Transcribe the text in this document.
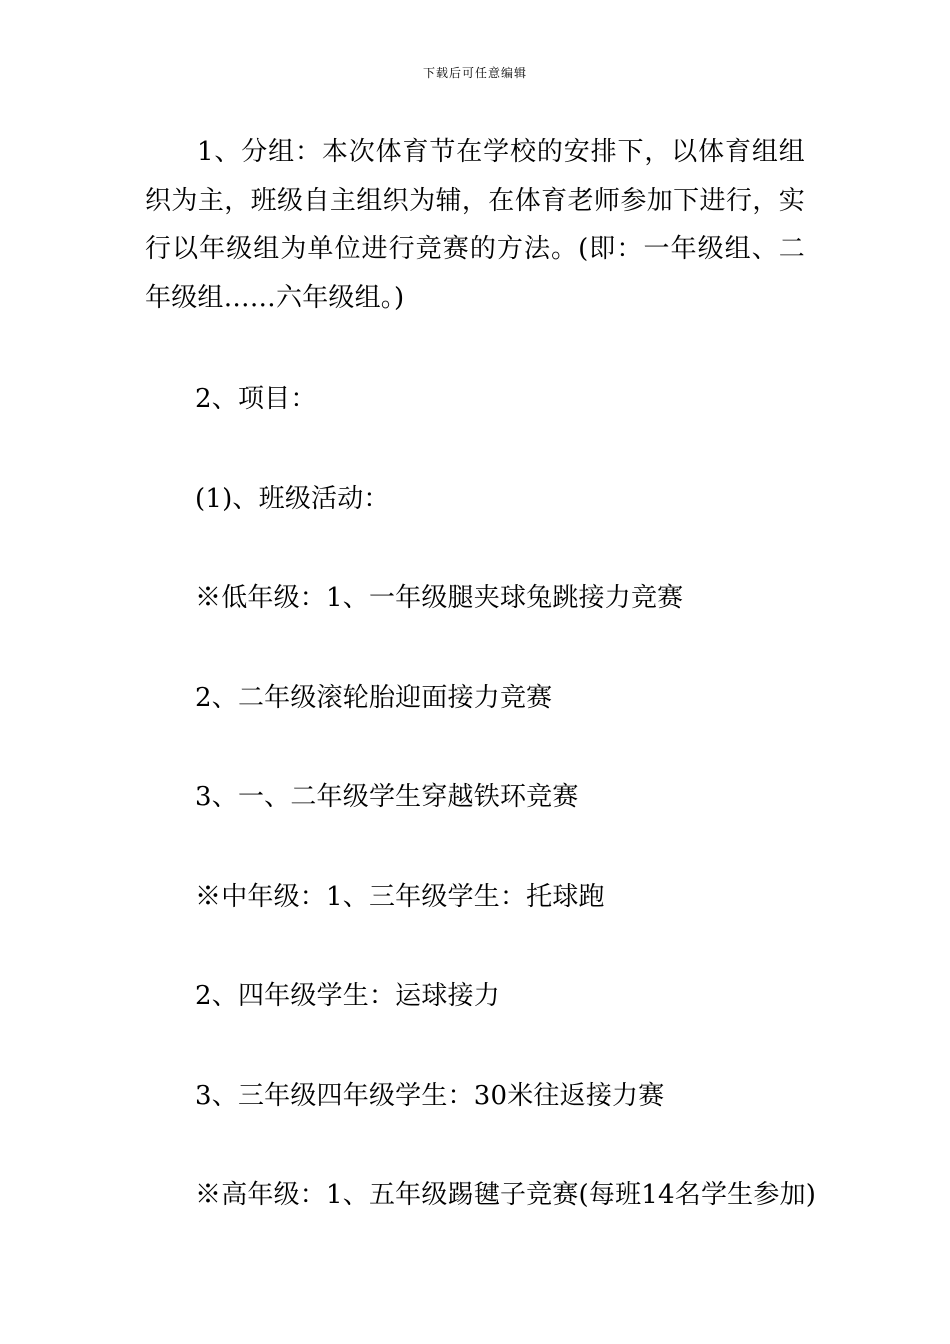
下载后可任意编辑

1、分组：本次体育节在学校的安排下，以体育组组织为主，班级自主组织为辅，在体育老师参加下进行，实行以年级组为单位进行竞赛的方法。(即：一年级组、二年级组……六年级组。)

2、项目：
(1)、班级活动：
※低年级：1、一年级腿夹球兔跳接力竞赛
2、二年级滚轮胎迎面接力竞赛
3、一、二年级学生穿越铁环竞赛
※中年级：1、三年级学生：托球跑
2、四年级学生：运球接力
3、三年级四年级学生：30米往返接力赛
※高年级：1、五年级踢毽子竞赛(每班14名学生参加)
